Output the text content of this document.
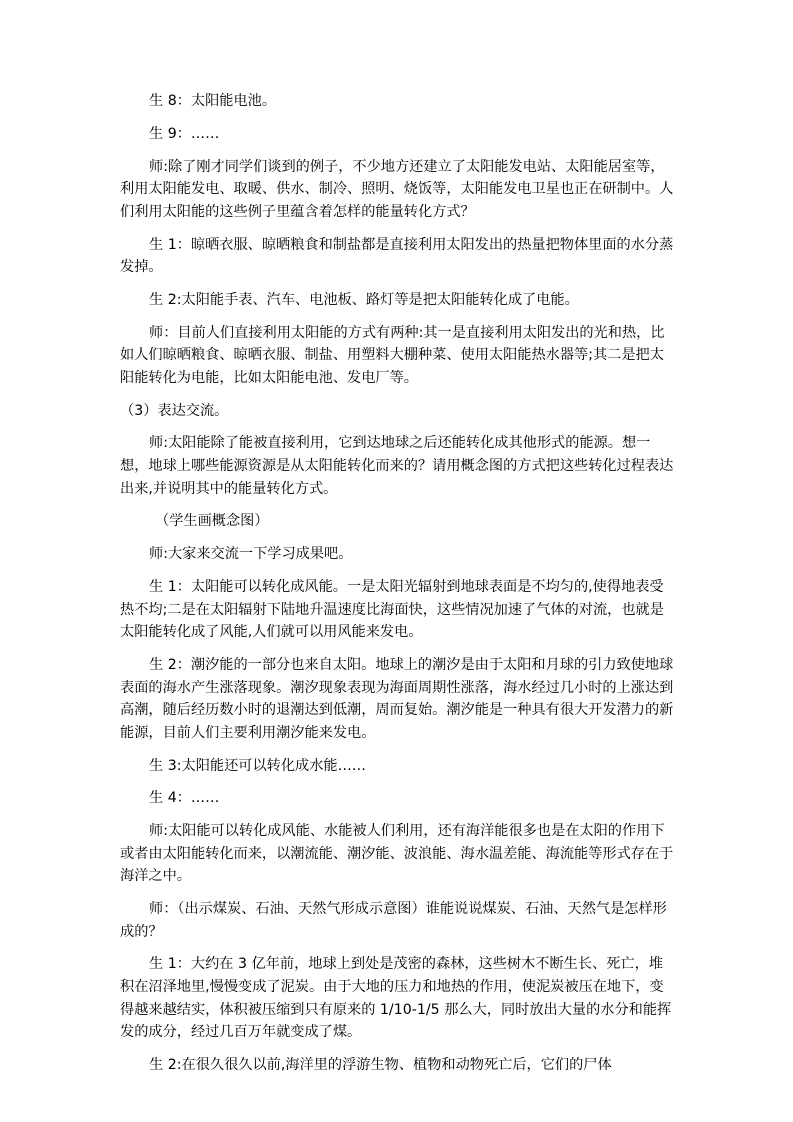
生 8：太阳能电池。

生 9：……

师:除了刚才同学们谈到的例子，不少地方还建立了太阳能发电站、太阳能居室等，利用太阳能发电、取暖、供水、制冷、照明、烧饭等，太阳能发电卫星也正在研制中。人们利用太阳能的这些例子里蕴含着怎样的能量转化方式？

生 1：晾晒衣服、晾晒粮食和制盐都是直接利用太阳发出的热量把物体里面的水分蒸发掉。

生 2:太阳能手表、汽车、电池板、路灯等是把太阳能转化成了电能。

师：目前人们直接利用太阳能的方式有两种:其一是直接利用太阳发出的光和热，比如人们晾晒粮食、晾晒衣服、制盐、用塑料大棚种菜、使用太阳能热水器等;其二是把太阳能转化为电能，比如太阳能电池、发电厂等。

（3）表达交流。

师:太阳能除了能被直接利用，它到达地球之后还能转化成其他形式的能源。想一想，地球上哪些能源资源是从太阳能转化而来的？请用概念图的方式把这些转化过程表达出来,并说明其中的能量转化方式。

（学生画概念图）

师:大家来交流一下学习成果吧。

生 1：太阳能可以转化成风能。一是太阳光辐射到地球表面是不均匀的,使得地表受热不均;二是在太阳辐射下陆地升温速度比海面快，这些情况加速了气体的对流，也就是太阳能转化成了风能,人们就可以用风能来发电。

生 2：潮汐能的一部分也来自太阳。地球上的潮汐是由于太阳和月球的引力致使地球表面的海水产生涨落现象。潮汐现象表现为海面周期性涨落，海水经过几小时的上涨达到高潮，随后经历数小时的退潮达到低潮，周而复始。潮汐能是一种具有很大开发潜力的新能源，目前人们主要利用潮汐能来发电。

生 3:太阳能还可以转化成水能……

生 4：……

师:太阳能可以转化成风能、水能被人们利用，还有海洋能很多也是在太阳的作用下或者由太阳能转化而来，以潮流能、潮汐能、波浪能、海水温差能、海流能等形式存在于海洋之中。

师：（出示煤炭、石油、天然气形成示意图）谁能说说煤炭、石油、天然气是怎样形成的？

生 1：大约在 3 亿年前，地球上到处是茂密的森林，这些树木不断生长、死亡，堆积在沼泽地里,慢慢变成了泥炭。由于大地的压力和地热的作用，使泥炭被压在地下，变得越来越结实，体积被压缩到只有原来的 1/10-1/5 那么大，同时放出大量的水分和能挥发的成分，经过几百万年就变成了煤。

生 2:在很久很久以前,海洋里的浮游生物、植物和动物死亡后，它们的尸体
